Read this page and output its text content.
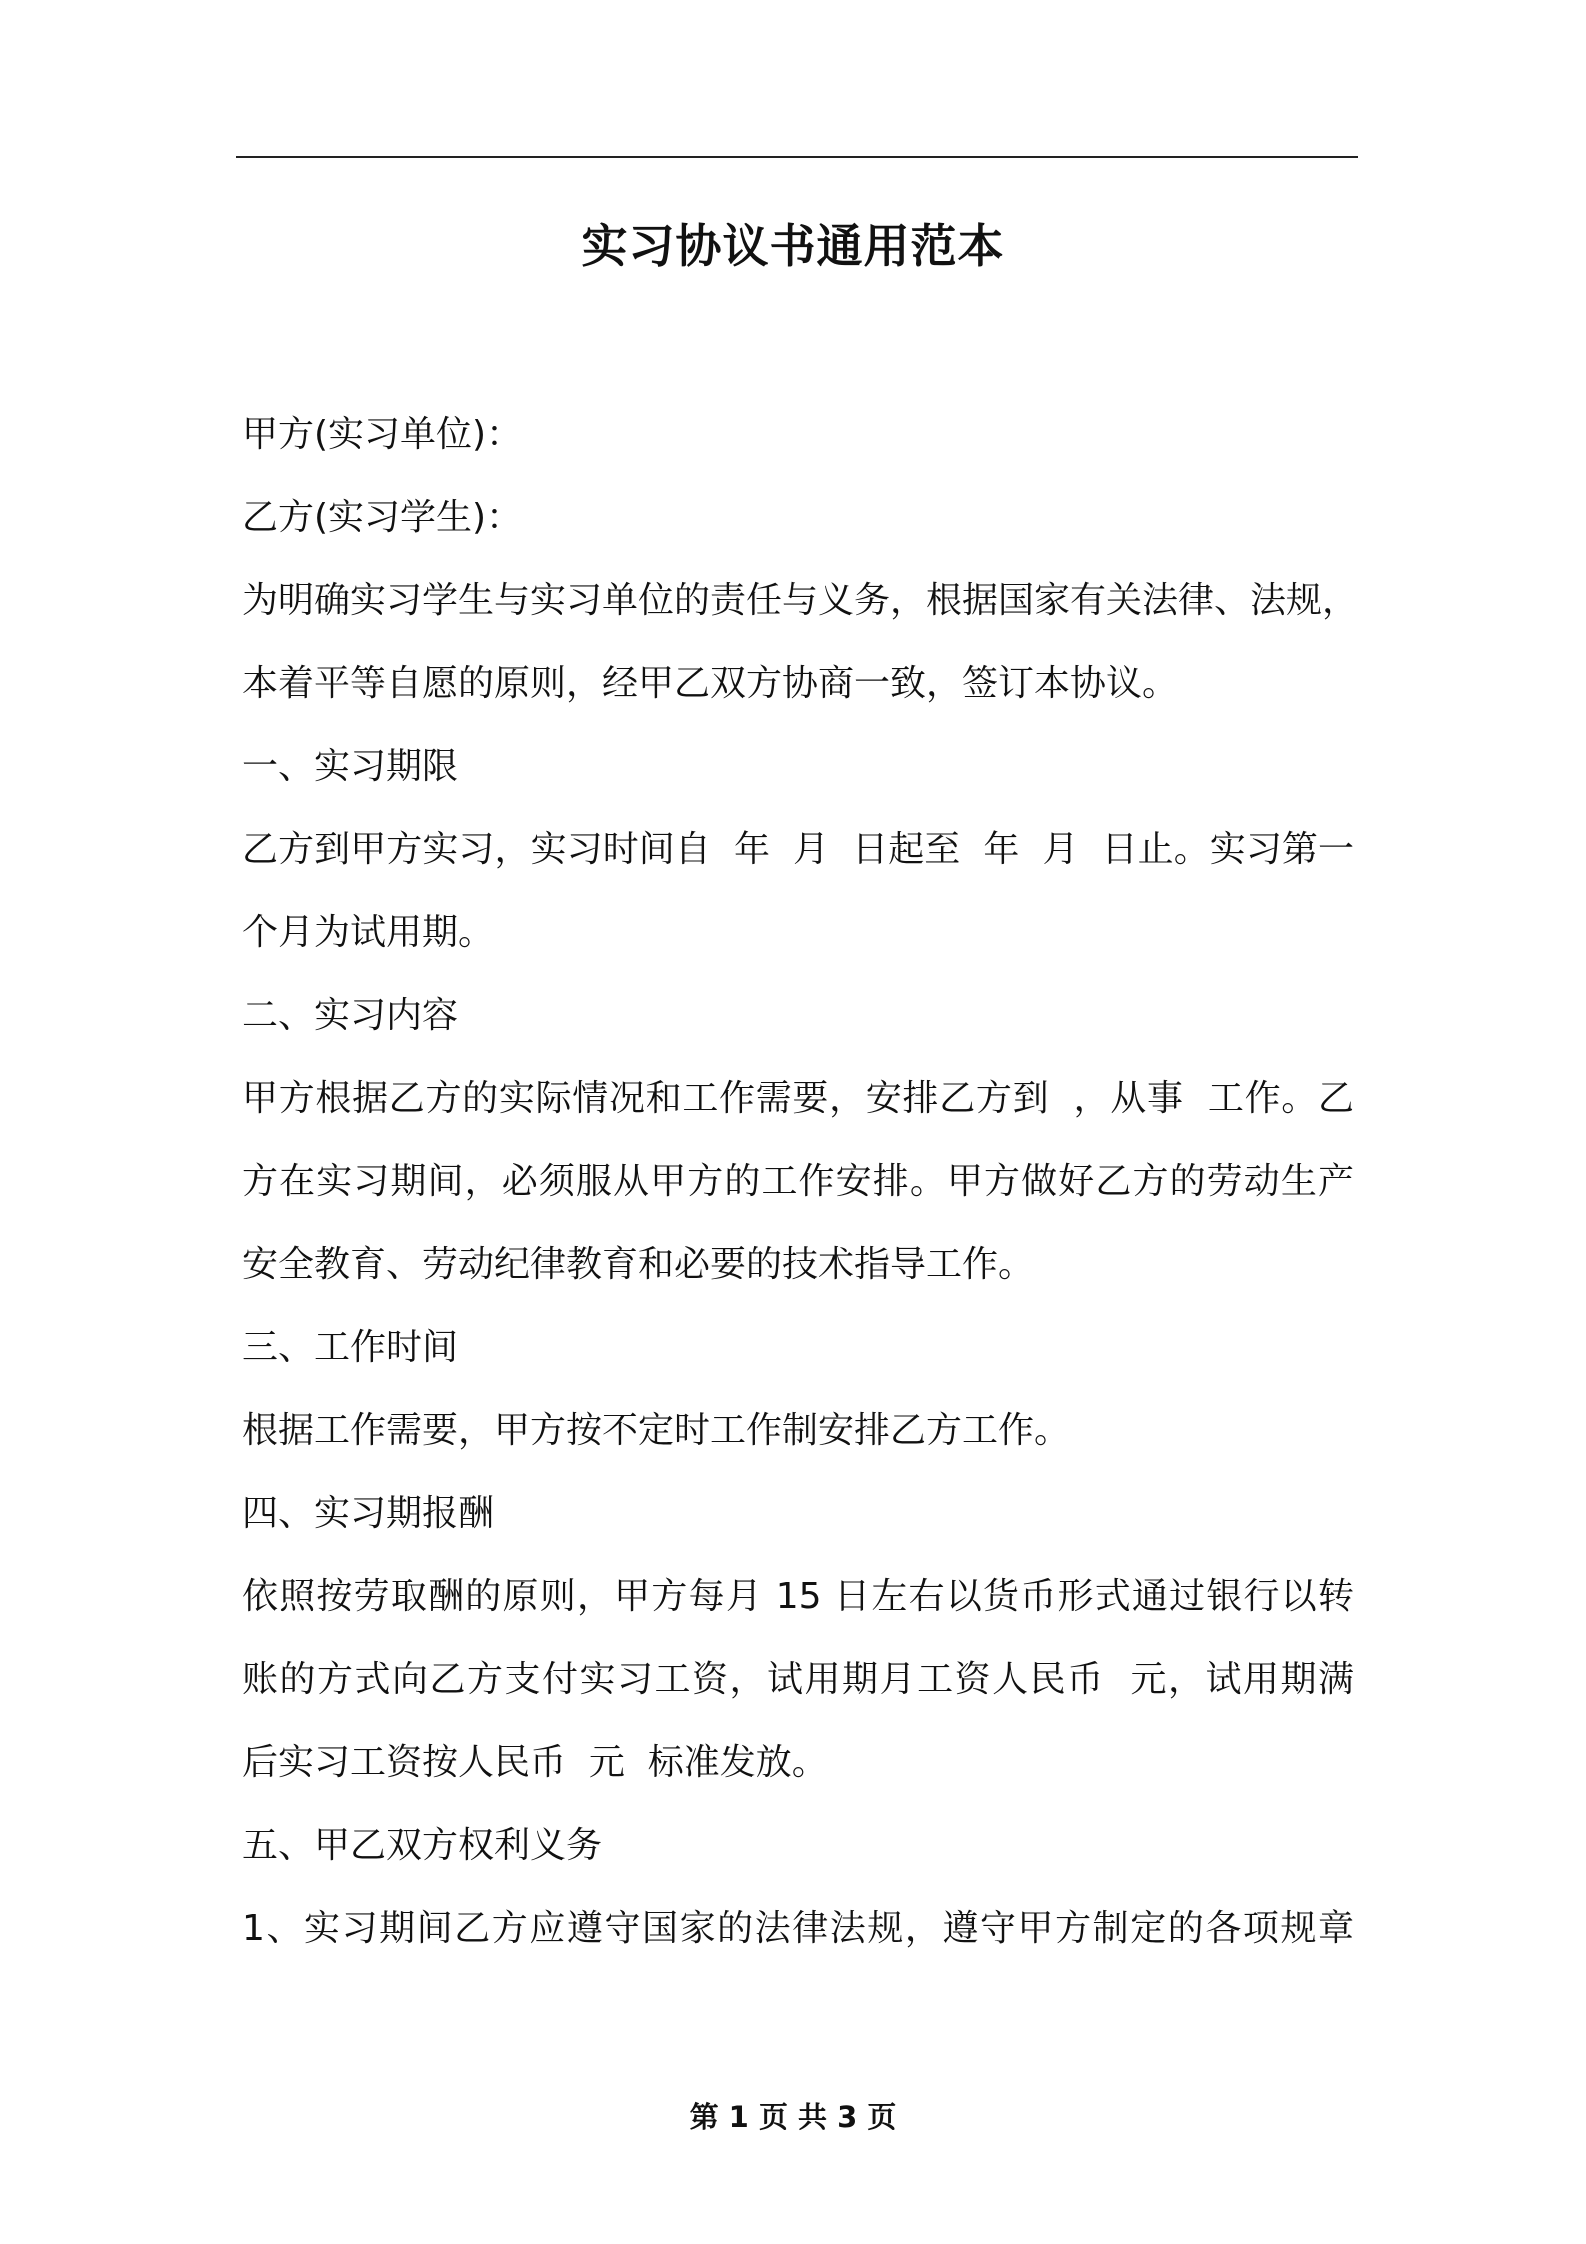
实习协议书通用范本
甲方(实习单位)：
乙方(实习学生)：
为明确实习学生与实习单位的责任与义务，根据国家有关法律、法规，
本着平等自愿的原则，经甲乙双方协商一致，签订本协议。
一、实习期限
乙方到甲方实习，实习时间自  年  月  日起至  年  月  日止。实习第一
个月为试用期。
二、实习内容
甲方根据乙方的实际情况和工作需要，安排乙方到  ，从事  工作。乙
方在实习期间，必须服从甲方的工作安排。甲方做好乙方的劳动生产
安全教育、劳动纪律教育和必要的技术指导工作。
三、工作时间
根据工作需要，甲方按不定时工作制安排乙方工作。
四、实习期报酬
依照按劳取酬的原则，甲方每月 15 日左右以货币形式通过银行以转
账的方式向乙方支付实习工资，试用期月工资人民币  元，试用期满
后实习工资按人民币  元  标准发放。
五、甲乙双方权利义务
1、实习期间乙方应遵守国家的法律法规，遵守甲方制定的各项规章
第 1 页 共 3 页
